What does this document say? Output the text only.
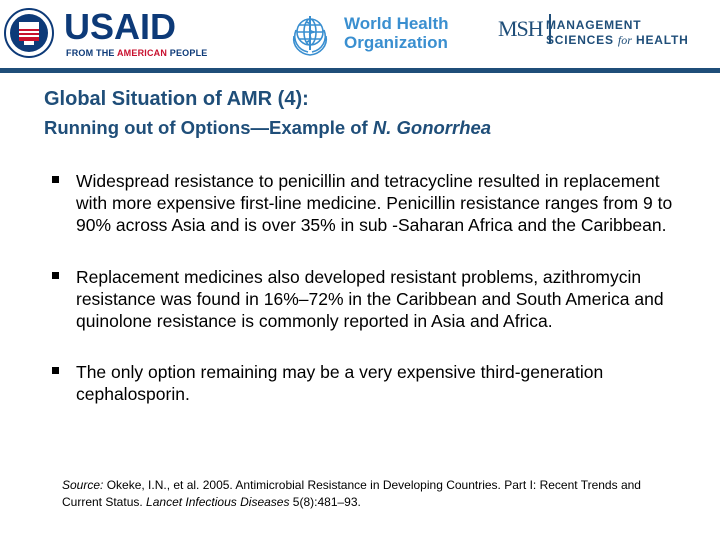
USAID
FROM THE AMERICAN PEOPLE
World Health
Organization
MSH MANAGEMENT
SCIENCES for HEALTH
Global Situation of AMR (4):
Running out of Options—Example of N. Gonorrhea
Widespread resistance to penicillin and tetracycline resulted in replacement with more expensive first-line medicine. Penicillin resistance ranges from 9 to 90% across Asia and is over 35% in sub -Saharan Africa and the Caribbean.
Replacement medicines also developed resistant problems, azithromycin resistance was found in 16%–72% in the Caribbean and South America and quinolone resistance is commonly reported in Asia and Africa.
The only option remaining may be a very expensive third-generation cephalosporin.
Source: Okeke, I.N., et al. 2005. Antimicrobial Resistance in Developing Countries. Part I: Recent Trends and Current Status. Lancet Infectious Diseases 5(8):481–93.
